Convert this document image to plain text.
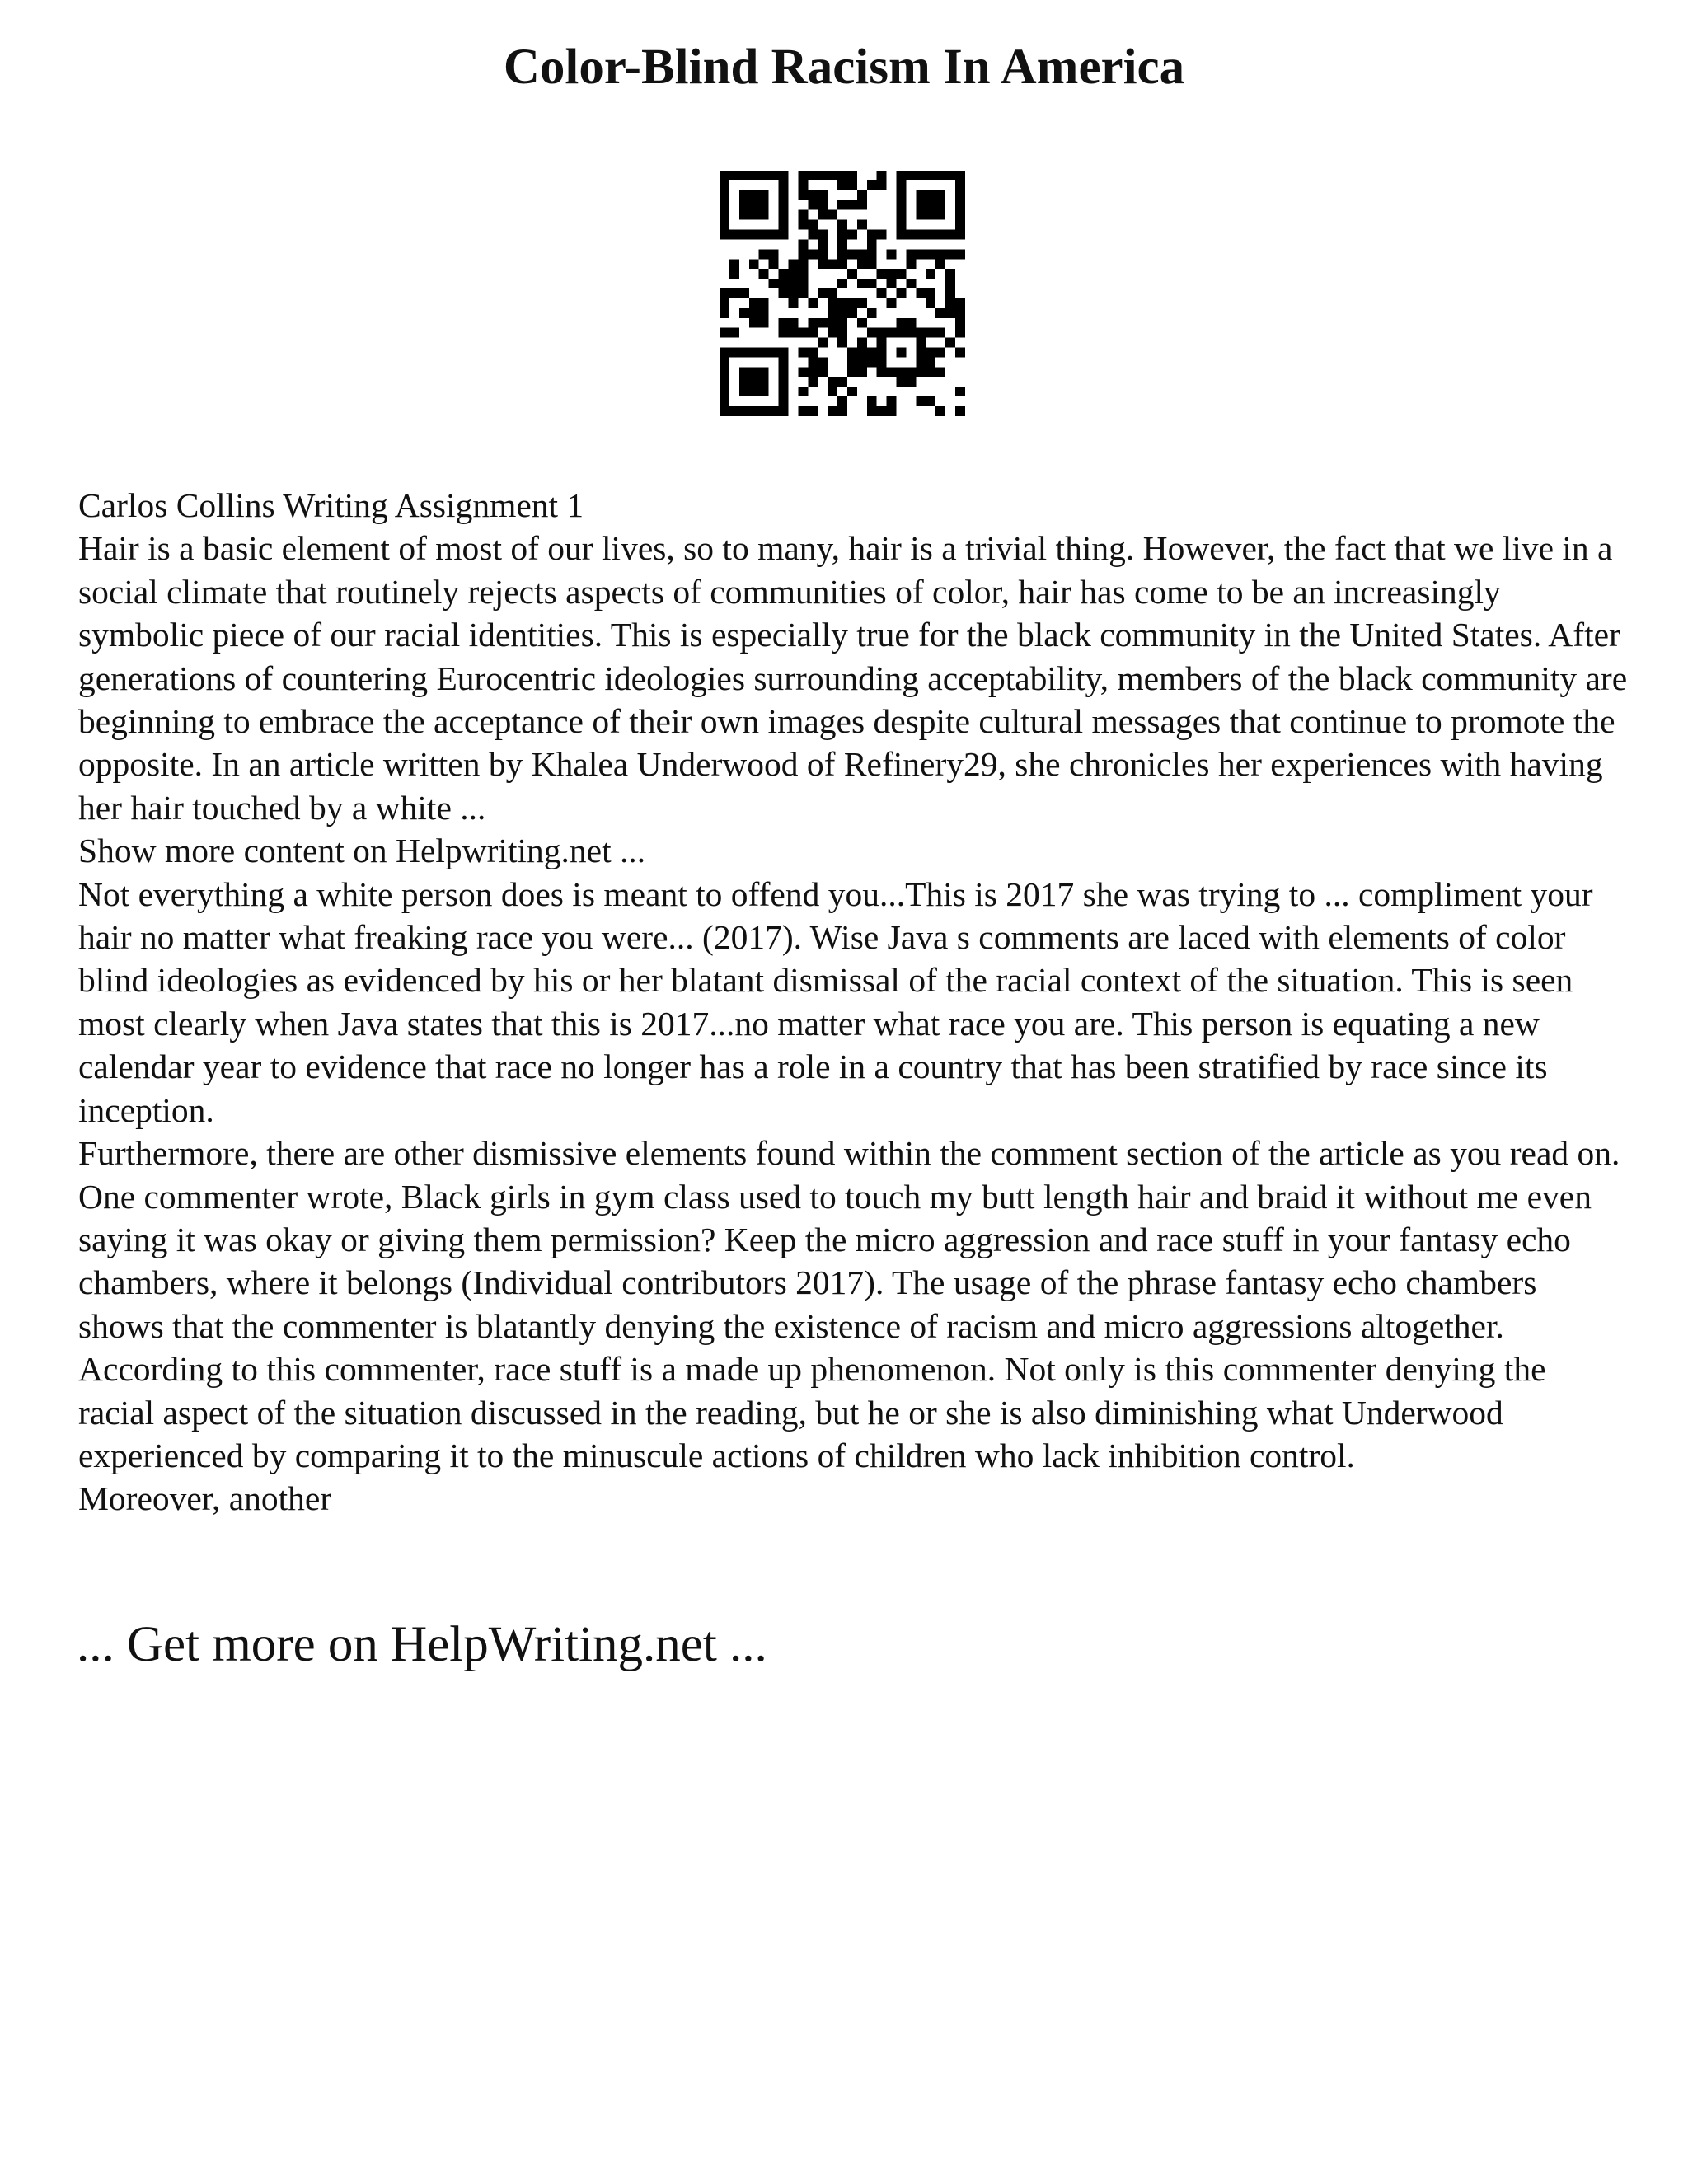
Color-Blind Racism In America

Carlos Collins Writing Assignment 1

Hair is a basic element of most of our lives, so to many, hair is a trivial thing. However, the fact that we live in a social climate that routinely rejects aspects of communities of color, hair has come to be an increasingly symbolic piece of our racial identities. This is especially true for the black community in the United States. After generations of countering Eurocentric ideologies surrounding acceptability, members of the black community are beginning to embrace the acceptance of their own images despite cultural messages that continue to promote the opposite. In an article written by Khalea Underwood of Refinery29, she chronicles her experiences with having her hair touched by a white ...

Show more content on Helpwriting.net ...

Not everything a white person does is meant to offend you...This is 2017 she was trying to ... compliment your hair no matter what freaking race you were... (2017). Wise Java s comments are laced with elements of color blind ideologies as evidenced by his or her blatant dismissal of the racial context of the situation. This is seen most clearly when Java states that this is 2017...no matter what race you are. This person is equating a new calendar year to evidence that race no longer has a role in a country that has been stratified by race since its inception.

Furthermore, there are other dismissive elements found within the comment section of the article as you read on. One commenter wrote, Black girls in gym class used to touch my butt length hair and braid it without me even saying it was okay or giving them permission? Keep the micro aggression and race stuff in your fantasy echo chambers, where it belongs (Individual contributors 2017). The usage of the phrase fantasy echo chambers shows that the commenter is blatantly denying the existence of racism and micro aggressions altogether. According to this commenter, race stuff is a made up phenomenon. Not only is this commenter denying the racial aspect of the situation discussed in the reading, but he or she is also diminishing what Underwood experienced by comparing it to the minuscule actions of children who lack inhibition control.

Moreover, another

... Get more on HelpWriting.net ...
